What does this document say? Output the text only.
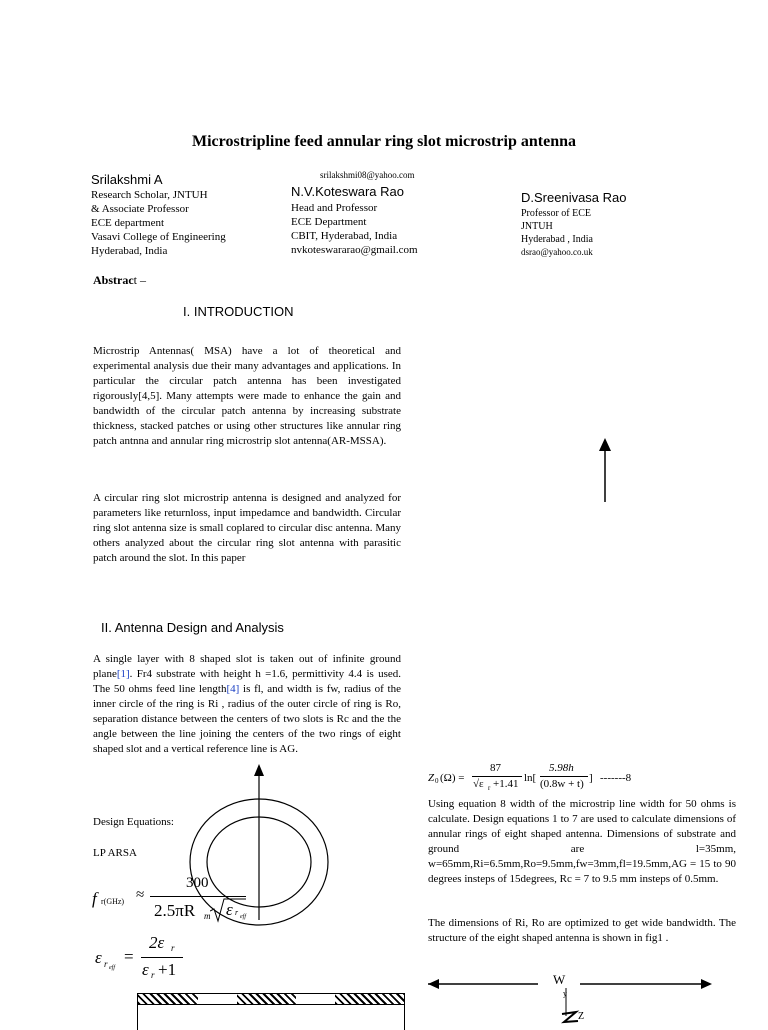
Microstripline feed annular ring slot microstrip antenna
Srilakshmi A	srilakshmi08@yahoo.com
Research Scholar, JNTUH
& Associate Professor
ECE department
Vasavi College of Engineering
Hyderabad, India
N.V.Koteswara Rao
Head and Professor
ECE Department
CBIT, Hyderabad, India
nvkoteswararao@gmail.com
D.Sreenivasa Rao
Professor of ECE
JNTUH
Hyderabad , India
dsrao@yahoo.co.uk
Abstract –
I. INTRODUCTION
Microstrip Antennas( MSA) have a lot of theoretical and experimental analysis due their many advantages and applications. In particular the circular patch antenna has been investigated rigorously[4,5]. Many attempts were made to enhance the gain and bandwidth of the circular patch antenna by increasing substrate thickness, stacked patches or using other structures like annular ring patch antnna and annular ring microstrip slot antenna(AR-MSSA).
A circular ring slot microstrip antenna is designed and analyzed for parameters like returnloss, input impedamce and bandwidth. Circular ring slot antenna size is small coplared to circular disc antenna. Many others analyzed about the circular ring slot antenna with parasitic patch around the slot. In this paper
II. Antenna Design and Analysis
A single layer with 8 shaped slot is taken out of infinite ground plane[1]. Fr4 substrate with height h =1.6, permittivity 4.4 is used. The 50 ohms feed line length[4] is fl, and width is fw, radius of the inner circle of the ring is Ri , radius of the outer circle of ring is Ro, separation distance between the centers of two slots is Rc and the the angle between the line joining the centers of the two rings of eight shaped slot and a vertical reference line is AG.
Design Equations:
LP ARSA
f r(GHz) ≈
300
2.5πR m ε r eff
ε r eff
=
2ε r
ε r +1
Z 0 (Ω) =
87
√ε r +1.41 ln[
5.98h
(0.8w + t) ] -------8
Using equation 8 width of the microstrip line width for 50 ohms is calculate. Design equations 1 to 7 are used to calculate dimensions of annular rings of eight shaped antenna. Dimensions of substrate and ground are l=35mm, w=65mm,Ri=6.5mm,Ro=9.5mm,fw=3mm,fl=19.5mm,AG = 15 to 90 degrees insteps of 15degrees, Rc = 7 to 9.5 mm insteps of 0.5mm.
The dimensions of Ri, Ro are optimized to get wide bandwidth. The structure of the eight shaped antenna is shown in fig1 .
W
y
Z
